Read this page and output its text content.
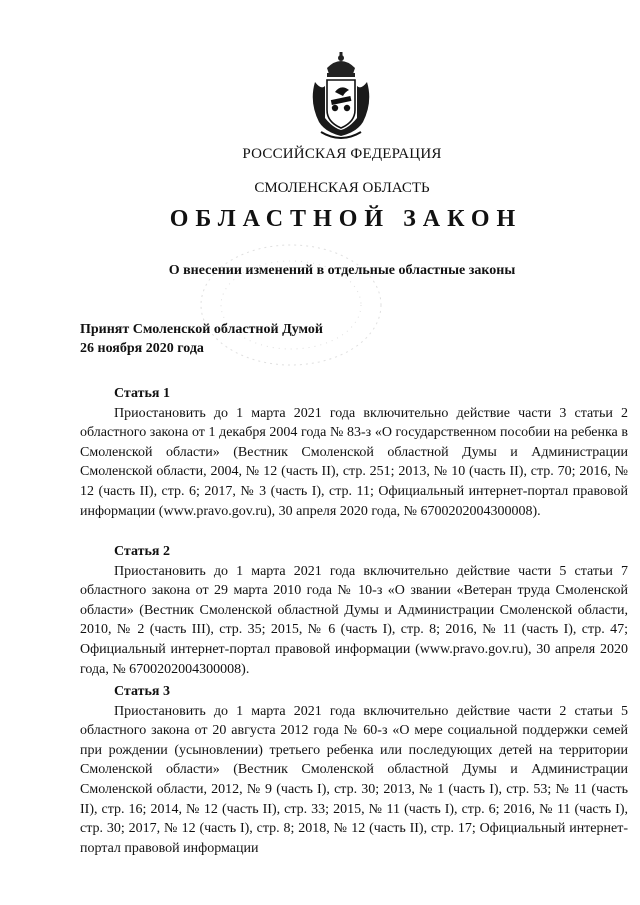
РОССИЙСКАЯ ФЕДЕРАЦИЯ
СМОЛЕНСКАЯ ОБЛАСТЬ
ОБЛАСТНОЙ ЗАКОН
О внесении изменений в отдельные областные законы
Принят Смоленской областной Думой
26 ноября 2020 года
Статья 1

Приостановить до 1 марта 2021 года включительно действие части 3 статьи 2 областного закона от 1 декабря 2004 года № 83-з «О государственном пособии на ребенка в Смоленской области» (Вестник Смоленской областной Думы и Администрации Смоленской области, 2004, № 12 (часть II), стр. 251; 2013, № 10 (часть II), стр. 70; 2016, № 12 (часть II), стр. 6; 2017, № 3 (часть I), стр. 11; Официальный интернет-портал правовой информации (www.pravo.gov.ru), 30 апреля 2020 года, № 6700202004300008).

Статья 2

Приостановить до 1 марта 2021 года включительно действие части 5 статьи 7 областного закона от 29 марта 2010 года № 10-з «О звании «Ветеран труда Смоленской области» (Вестник Смоленской областной Думы и Администрации Смоленской области, 2010, № 2 (часть III), стр. 35; 2015, № 6 (часть I), стр. 8; 2016, № 11 (часть I), стр. 47; Официальный интернет-портал правовой информации (www.pravo.gov.ru), 30 апреля 2020 года, № 6700202004300008).

Статья 3

Приостановить до 1 марта 2021 года включительно действие части 2 статьи 5 областного закона от 20 августа 2012 года № 60-з «О мере социальной поддержки семей при рождении (усыновлении) третьего ребенка или последующих детей на территории Смоленской области» (Вестник Смоленской областной Думы и Администрации Смоленской области, 2012, № 9 (часть I), стр. 30; 2013, № 1 (часть I), стр. 53; № 11 (часть II), стр. 16; 2014, № 12 (часть II), стр. 33; 2015, № 11 (часть I), стр. 6; 2016, № 11 (часть I), стр. 30; 2017, № 12 (часть I), стр. 8; 2018, № 12 (часть II), стр. 17; Официальный интернет-портал правовой информации
